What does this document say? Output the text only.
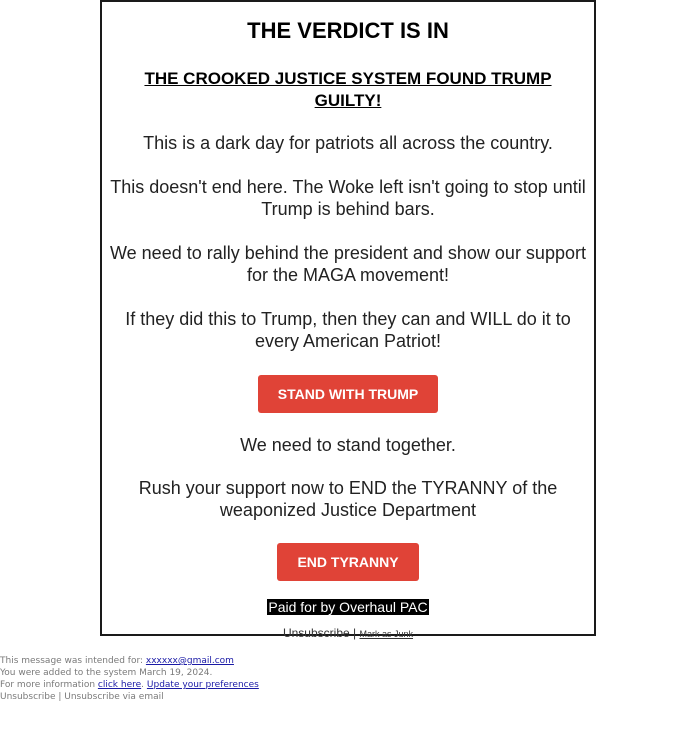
THE VERDICT IS IN
THE CROOKED JUSTICE SYSTEM FOUND TRUMP GUILTY!
This is a dark day for patriots all across the country.
This doesn't end here. The Woke left isn't going to stop until Trump is behind bars.
We need to rally behind the president and show our support for the MAGA movement!
If they did this to Trump, then they can and WILL do it to every American Patriot!
STAND WITH TRUMP
We need to stand together.
Rush your support now to END the TYRANNY of the weaponized Justice Department
END TYRANNY
Paid for by Overhaul PAC
Unsubscribe | Mark as Junk
This message was intended for: xxxxxx@gmail.com
You were added to the system March 19, 2024.
For more information click here. Update your preferences
Unsubscribe | Unsubscribe via email
